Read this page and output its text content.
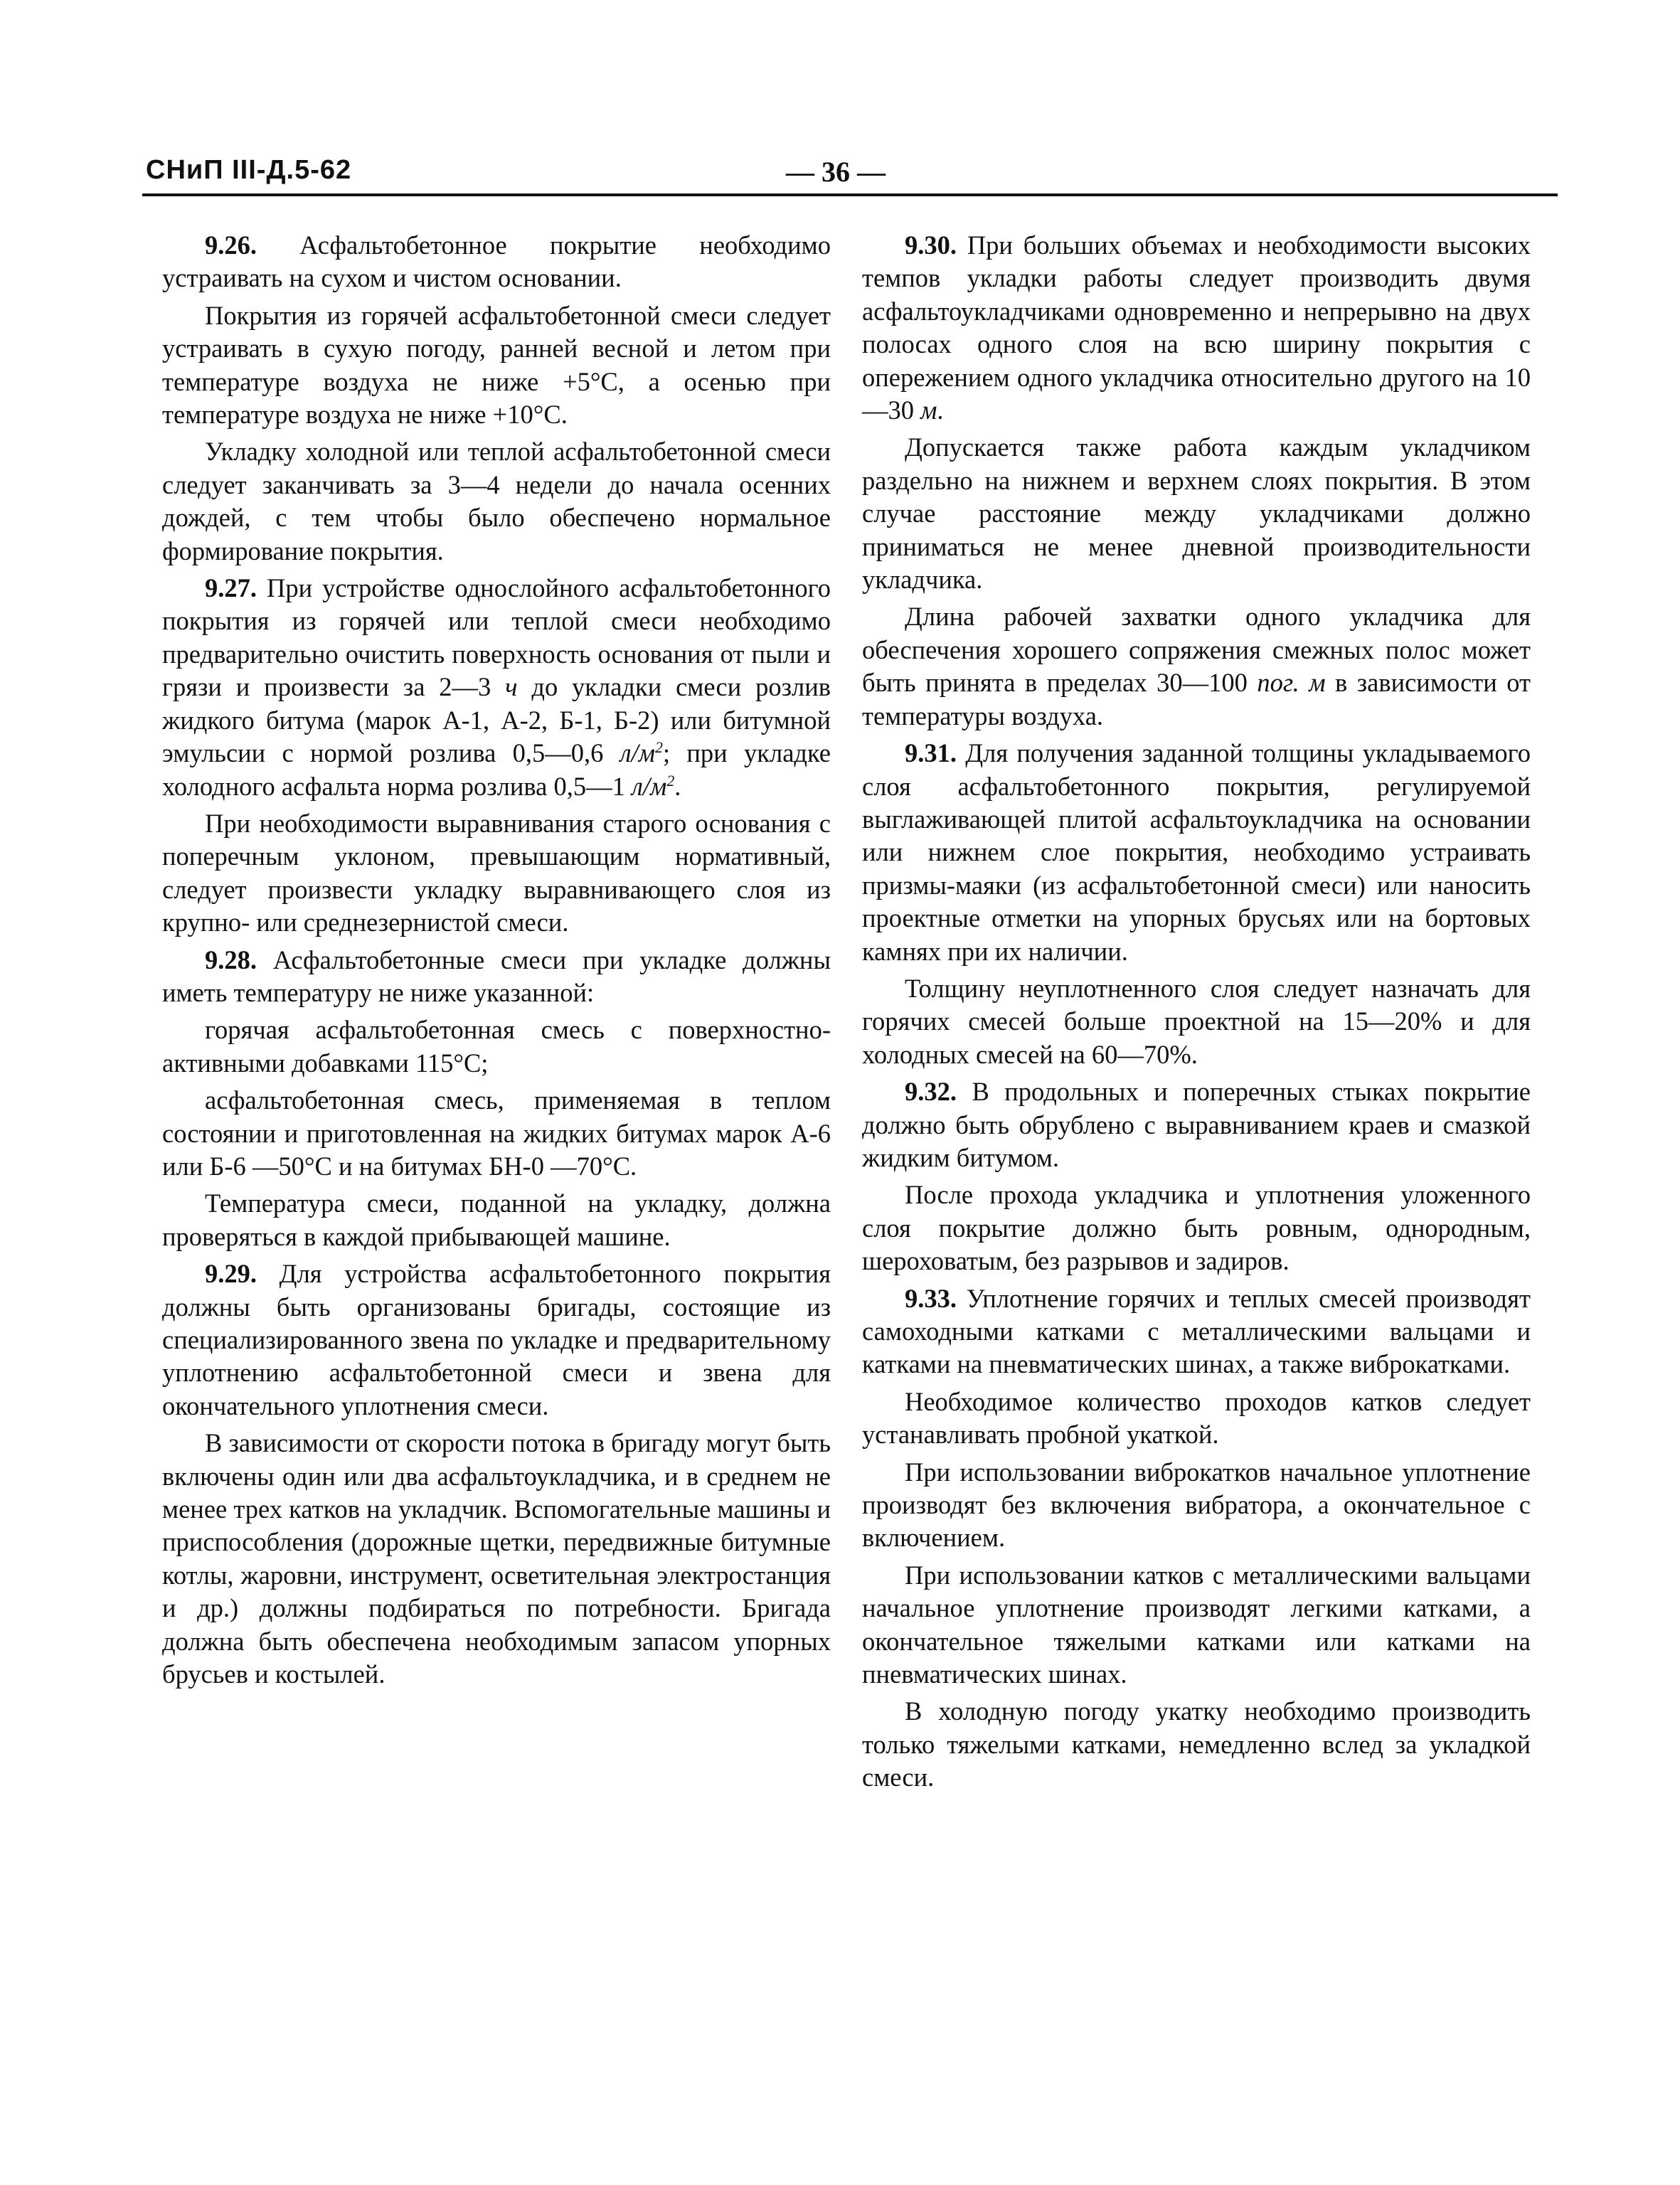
СНиП III-Д.5-62	— 36 —

9.26. Асфальтобетонное покрытие необходимо устраивать на сухом и чистом основании.

Покрытия из горячей асфальтобетонной смеси следует устраивать в сухую погоду, ранней весной и летом при температуре воздуха не ниже +5°С, а осенью при температуре воздуха не ниже +10°С.

Укладку холодной или теплой асфальтобетонной смеси следует заканчивать за 3—4 недели до начала осенних дождей, с тем чтобы было обеспечено нормальное формирование покрытия.

9.27. При устройстве однослойного асфальтобетонного покрытия из горячей или теплой смеси необходимо предварительно очистить поверхность основания от пыли и грязи и произвести за 2—3 ч до укладки смеси розлив жидкого битума (марок А-1, А-2, Б-1, Б-2) или битумной эмульсии с нормой розлива 0,5—0,6 $л/м^2$; при укладке холодного асфальта норма розлива 0,5—1 $л/м^2$.

При необходимости выравнивания старого основания с поперечным уклоном, превышающим нормативный, следует произвести укладку выравнивающего слоя из крупно- или среднезернистой смеси.

9.28. Асфальтобетонные смеси при укладке должны иметь температуру не ниже указанной:

горячая асфальтобетонная смесь с поверхностно-активными добавками 115°С;

асфальтобетонная смесь, применяемая в теплом состоянии и приготовленная на жидких битумах марок А-6 или Б-6 —50°С и на битумах БН-0 —70°С.

Температура смеси, поданной на укладку, должна проверяться в каждой прибывающей машине.

9.29. Для устройства асфальтобетонного покрытия должны быть организованы бригады, состоящие из специализированного звена по укладке и предварительному уплотнению асфальтобетонной смеси и звена для окончательного уплотнения смеси.

В зависимости от скорости потока в бригаду могут быть включены один или два асфальтоукладчика, и в среднем не менее трех катков на укладчик. Вспомогательные машины и приспособления (дорожные щетки, передвижные битумные котлы, жаровни, инструмент, осветительная электростанция и др.) должны подбираться по потребности. Бригада должна быть обеспечена необходимым запасом упорных брусьев и костылей.

9.30. При больших объемах и необходимости высоких темпов укладки работы следует производить двумя асфальтоукладчиками одновременно и непрерывно на двух полосах одного слоя на всю ширину покрытия с опережением одного укладчика относительно другого на 10—30 м.

Допускается также работа каждым укладчиком раздельно на нижнем и верхнем слоях покрытия. В этом случае расстояние между укладчиками должно приниматься не менее дневной производительности укладчика.

Длина рабочей захватки одного укладчика для обеспечения хорошего сопряжения смежных полос может быть принята в пределах 30—100 пог. м в зависимости от температуры воздуха.

9.31. Для получения заданной толщины укладываемого слоя асфальтобетонного покрытия, регулируемой выглаживающей плитой асфальтоукладчика на основании или нижнем слое покрытия, необходимо устраивать призмы-маяки (из асфальтобетонной смеси) или наносить проектные отметки на упорных брусьях или на бортовых камнях при их наличии.

Толщину неуплотненного слоя следует назначать для горячих смесей больше проектной на 15—20% и для холодных смесей на 60—70%.

9.32. В продольных и поперечных стыках покрытие должно быть обрублено с выравниванием краев и смазкой жидким битумом.

После прохода укладчика и уплотнения уложенного слоя покрытие должно быть ровным, однородным, шероховатым, без разрывов и задиров.

9.33. Уплотнение горячих и теплых смесей производят самоходными катками с металлическими вальцами и катками на пневматических шинах, а также виброкатками.

Необходимое количество проходов катков следует устанавливать пробной укаткой.

При использовании виброкатков начальное уплотнение производят без включения вибратора, а окончательное с включением.

При использовании катков с металлическими вальцами начальное уплотнение производят легкими катками, а окончательное тяжелыми катками или катками на пневматических шинах.

В холодную погоду укатку необходимо производить только тяжелыми катками, немедленно вслед за укладкой смеси.
